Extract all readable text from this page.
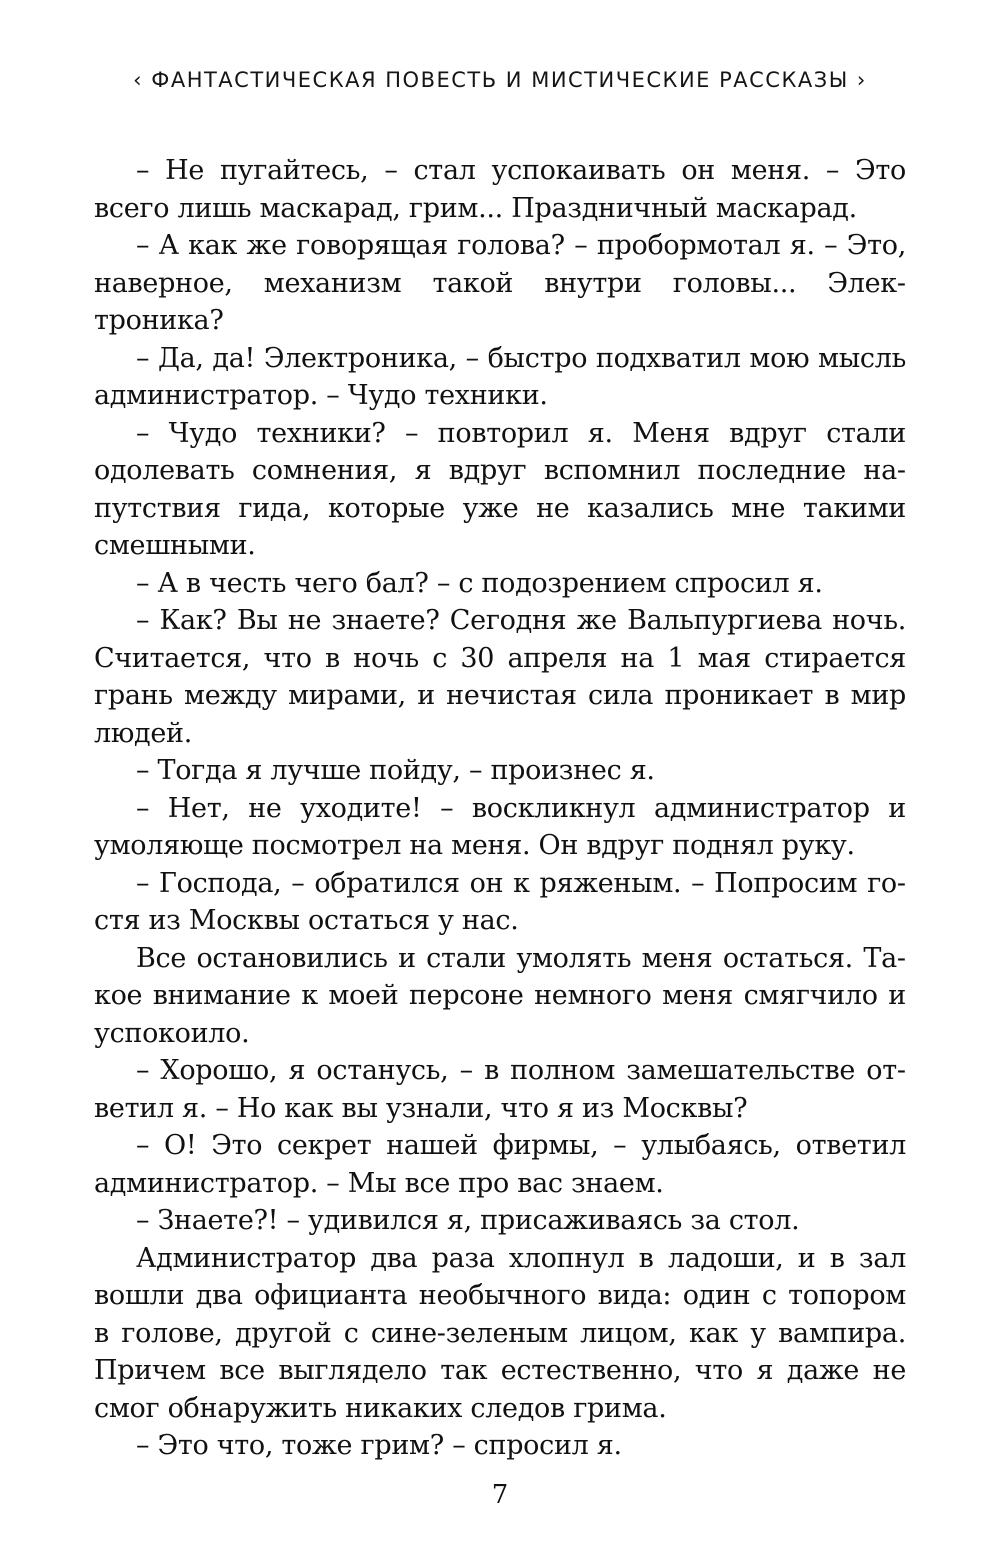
‹ ФАНТАСТИЧЕСКАЯ ПОВЕСТЬ И МИСТИЧЕСКИЕ РАССКАЗЫ ›

– Не пугайтесь, – стал успокаивать он меня. – Это всего лишь маскарад, грим... Праздничный маскарад.

– А как же говорящая голова? – пробормотал я. – Это, наверное, механизм такой внутри головы... Электроника?

– Да, да! Электроника, – быстро подхватил мою мысль администратор. – Чудо техники.

– Чудо техники? – повторил я. Меня вдруг стали одолевать сомнения, я вдруг вспомнил последние напутствия гида, которые уже не казались мне такими смешными.

– А в честь чего бал? – с подозрением спросил я.

– Как? Вы не знаете? Сегодня же Вальпургиева ночь. Считается, что в ночь с 30 апреля на 1 мая стирается грань между мирами, и нечистая сила проникает в мир людей.

– Тогда я лучше пойду, – произнес я.

– Нет, не уходите! – воскликнул администратор и умоляюще посмотрел на меня. Он вдруг поднял руку.

– Господа, – обратился он к ряженым. – Попросим гостя из Москвы остаться у нас.

Все остановились и стали умолять меня остаться. Такое внимание к моей персоне немного меня смягчило и успокоило.

– Хорошо, я останусь, – в полном замешательстве ответил я. – Но как вы узнали, что я из Москвы?

– О! Это секрет нашей фирмы, – улыбаясь, ответил администратор. – Мы все про вас знаем.

– Знаете?! – удивился я, присаживаясь за стол.

Администратор два раза хлопнул в ладоши, и в зал вошли два официанта необычного вида: один с топором в голове, другой с сине-зеленым лицом, как у вампира. Причем все выглядело так естественно, что я даже не смог обнаружить никаких следов грима.

– Это что, тоже грим? – спросил я.

7
